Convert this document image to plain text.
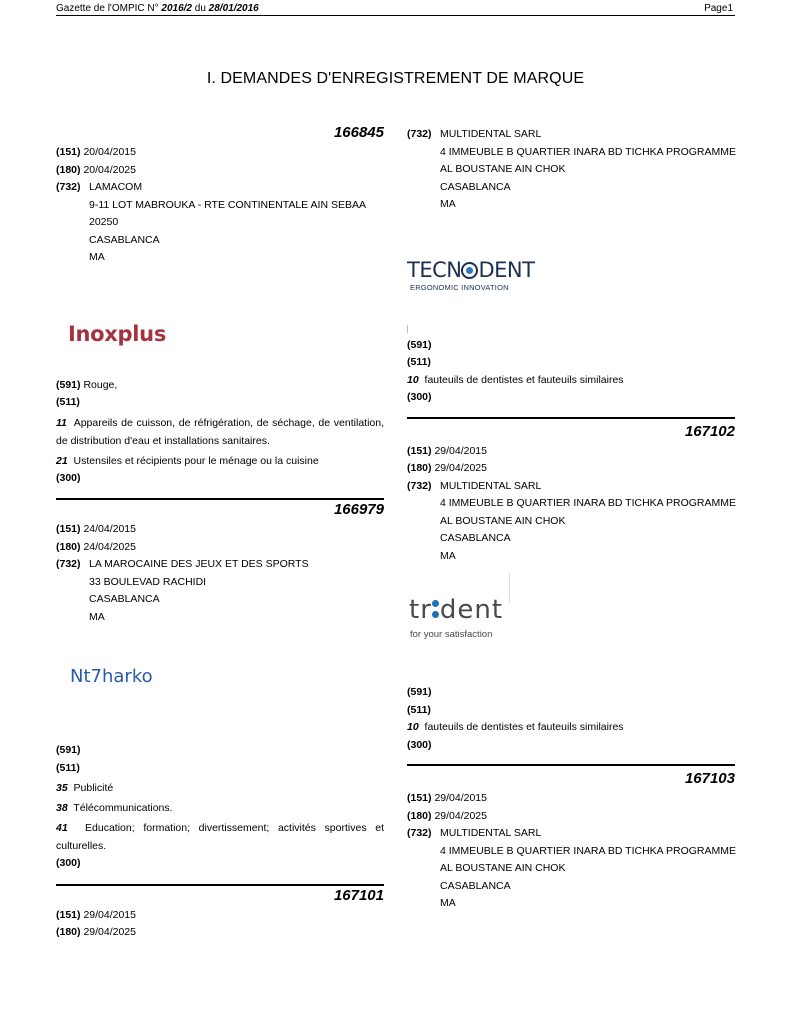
Gazette de l'OMPIC N° 2016/2 du 28/01/2016	Page1
I. DEMANDES D'ENREGISTREMENT DE MARQUE
166845
(151) 20/04/2015
(180) 20/04/2025
(732) LAMACOM
9-11 LOT MABROUKA - RTE CONTINENTALE AIN SEBAA
20250
CASABLANCA
MA
Inoxplus
(591) Rouge,
(511)
11 Appareils de cuisson, de réfrigération, de séchage, de ventilation, de distribution d'eau et installations sanitaires.
21 Ustensiles et récipients pour le ménage ou la cuisine
(300)
166979
(151) 24/04/2015
(180) 24/04/2025
(732) LA MAROCAINE DES JEUX ET DES SPORTS
33 BOULEVAD RACHIDI
CASABLANCA
MA
Nt7harko
(591)
(511)
35 Publicité
38 Télécommunications.
41 Education; formation; divertissement; activités sportives et culturelles.
(300)
167101
(151) 29/04/2015
(180) 29/04/2025
(732) MULTIDENTAL SARL
4 IMMEUBLE B QUARTIER INARA BD TICHKA PROGRAMME
AL BOUSTANE AIN CHOK
CASABLANCA
MA
TECN DENT
ERGONOMIC INNOVATION
(591)
(511)
10 fauteuils de dentistes et fauteuils similaires
(300)
167102
(151) 29/04/2015
(180) 29/04/2025
(732) MULTIDENTAL SARL
4 IMMEUBLE B QUARTIER INARA BD TICHKA PROGRAMME
AL BOUSTANE AIN CHOK
CASABLANCA
MA
tr dent
for your satisfaction
(591)
(511)
10 fauteuils de dentistes et fauteuils similaires
(300)
167103
(151) 29/04/2015
(180) 29/04/2025
(732) MULTIDENTAL SARL
4 IMMEUBLE B QUARTIER INARA BD TICHKA PROGRAMME
AL BOUSTANE AIN CHOK
CASABLANCA
MA
